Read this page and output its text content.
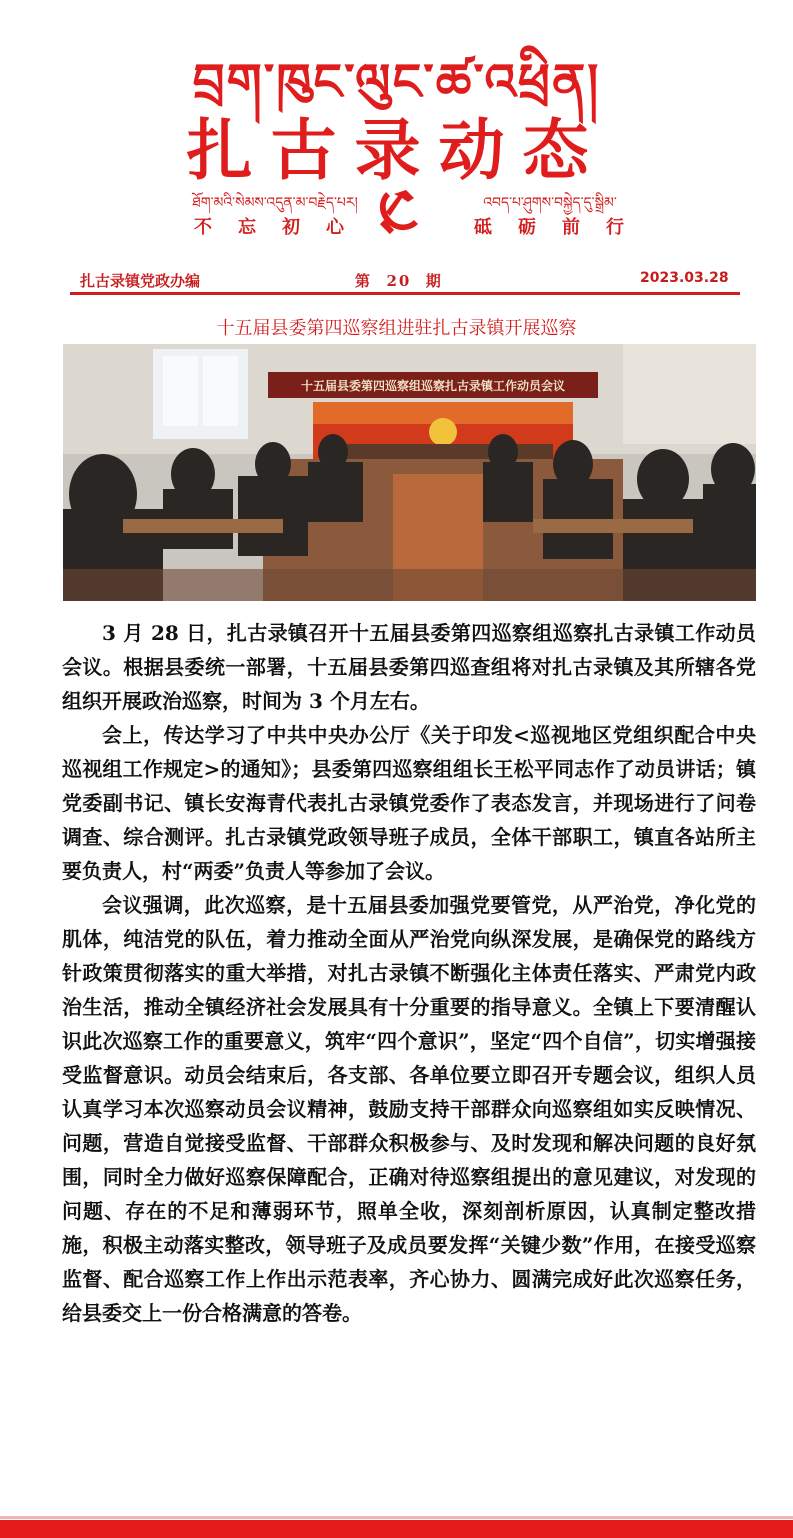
བྲག་ཁུང་ལུང་ཚ་འཕྲིན།
扎古录动态
ཐོག་མའི་སེམས་འདུན་མ་བརྗེད་པར།
不忘初心
འབད་པ་ཤུགས་བསྐྱེད་དུ་སྒྲིམ་
砥砺前行
扎古录镇党政办编	第  20  期	2023.03.28
十五届县委第四巡察组进驻扎古录镇开展巡察
十五届县委第四巡察组巡察扎古录镇工作动员会议

3 月 28 日，扎古录镇召开十五届县委第四巡察组巡察扎古录镇工作动员会议。根据县委统一部署，十五届县委第四巡查组将对扎古录镇及其所辖各党组织开展政治巡察，时间为 3 个月左右。

会上，传达学习了中共中央办公厅《关于印发<巡视地区党组织配合中央巡视组工作规定>的通知》；县委第四巡察组组长王松平同志作了动员讲话；镇党委副书记、镇长安海青代表扎古录镇党委作了表态发言，并现场进行了问卷调查、综合测评。扎古录镇党政领导班子成员，全体干部职工，镇直各站所主要负责人，村“两委”负责人等参加了会议。

会议强调，此次巡察，是十五届县委加强党要管党，从严治党，净化党的肌体，纯洁党的队伍，着力推动全面从严治党向纵深发展，是确保党的路线方针政策贯彻落实的重大举措，对扎古录镇不断强化主体责任落实、严肃党内政治生活，推动全镇经济社会发展具有十分重要的指导意义。全镇上下要清醒认识此次巡察工作的重要意义，筑牢“四个意识”，坚定“四个自信”，切实增强接受监督意识。动员会结束后，各支部、各单位要立即召开专题会议，组织人员认真学习本次巡察动员会议精神，鼓励支持干部群众向巡察组如实反映情况、问题，营造自觉接受监督、干部群众积极参与、及时发现和解决问题的良好氛围，同时全力做好巡察保障配合，正确对待巡察组提出的意见建议，对发现的问题、存在的不足和薄弱环节，照单全收，深刻剖析原因，认真制定整改措施，积极主动落实整改，领导班子及成员要发挥“关键少数”作用，在接受巡察监督、配合巡察工作上作出示范表率，齐心协力、圆满完成好此次巡察任务，给县委交上一份合格满意的答卷。
